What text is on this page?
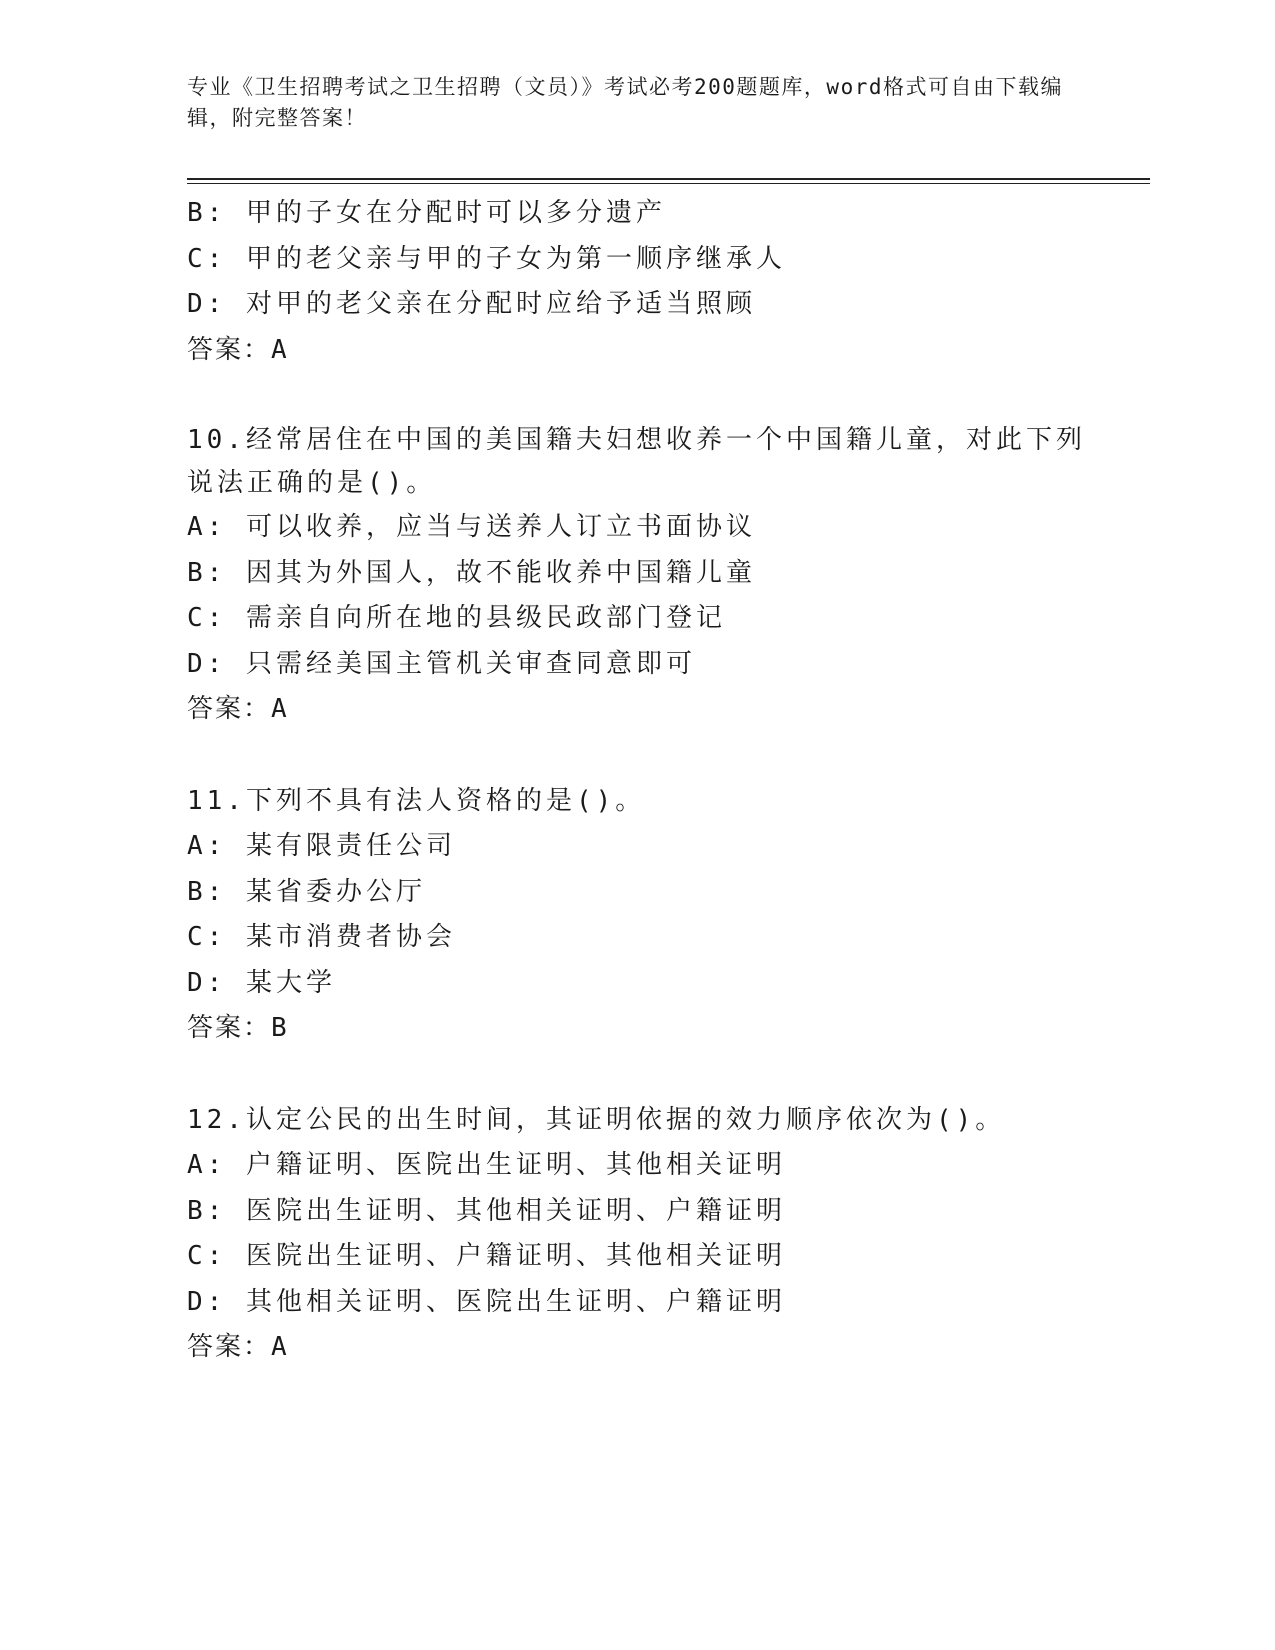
专业《卫生招聘考试之卫生招聘（文员）》考试必考200题题库，word格式可自由下载编辑，附完整答案！
B: 甲的子女在分配时可以多分遗产
C: 甲的老父亲与甲的子女为第一顺序继承人
D: 对甲的老父亲在分配时应给予适当照顾
答案：A
10.经常居住在中国的美国籍夫妇想收养一个中国籍儿童，对此下列说法正确的是()。
A: 可以收养，应当与送养人订立书面协议
B: 因其为外国人，故不能收养中国籍儿童
C: 需亲自向所在地的县级民政部门登记
D: 只需经美国主管机关审查同意即可
答案：A
11.下列不具有法人资格的是()。
A: 某有限责任公司
B: 某省委办公厅
C: 某市消费者协会
D: 某大学
答案：B
12.认定公民的出生时间，其证明依据的效力顺序依次为()。
A: 户籍证明、医院出生证明、其他相关证明
B: 医院出生证明、其他相关证明、户籍证明
C: 医院出生证明、户籍证明、其他相关证明
D: 其他相关证明、医院出生证明、户籍证明
答案：A
